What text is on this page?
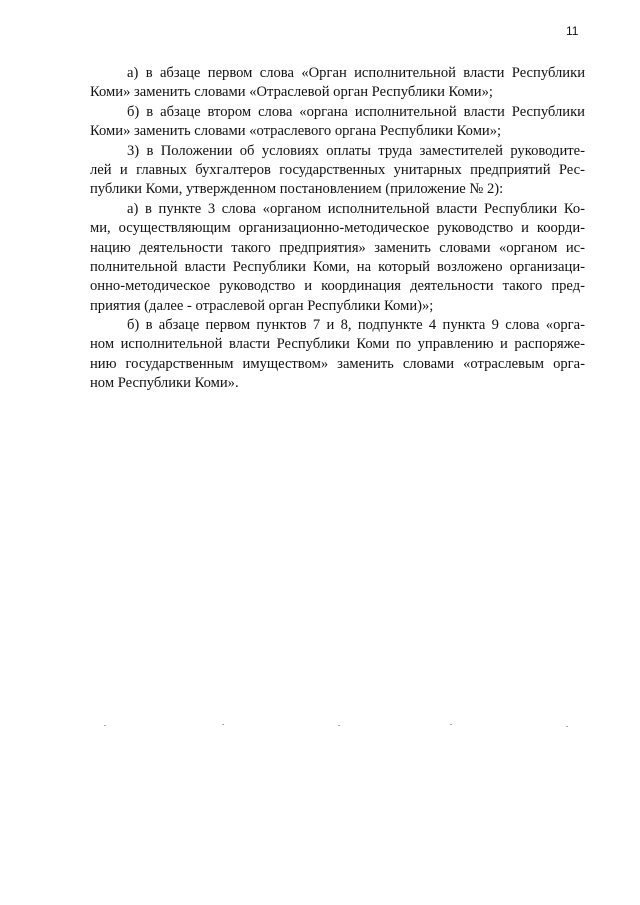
11
а) в абзаце первом слова «Орган исполнительной власти Республики
Коми» заменить словами «Отраслевой орган Республики Коми»;
б) в абзаце втором слова «органа исполнительной власти Республики
Коми» заменить словами «отраслевого органа Республики Коми»;
3) в Положении об условиях оплаты труда заместителей руководите-
лей и главных бухгалтеров государственных унитарных предприятий Рес-
публики Коми, утвержденном постановлением (приложение № 2):
а) в пункте 3 слова «органом исполнительной власти Республики Ко-
ми, осуществляющим организационно-методическое руководство и коорди-
нацию деятельности такого предприятия» заменить словами «органом ис-
полнительной власти Республики Коми, на который возложено организаци-
онно-методическое руководство и координация деятельности такого пред-
приятия (далее - отраслевой орган Республики Коми)»;
б) в абзаце первом пунктов 7 и 8, подпункте 4 пункта 9 слова «орга-
ном исполнительной власти Республики Коми по управлению и распоряже-
нию государственным имуществом» заменить словами «отраслевым орга-
ном Республики Коми».
